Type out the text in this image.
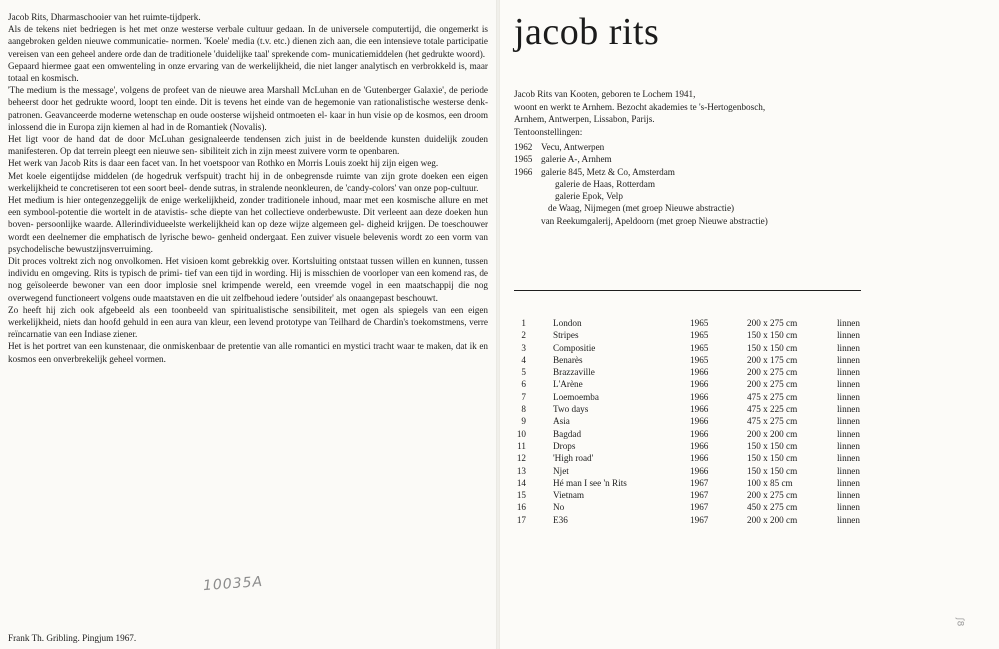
Jacob Rits, Dharmaschooier van het ruimte-tijdperk.

Als de tekens niet bedriegen is het met onze westerse verbale cultuur gedaan. In de universele computertijd, die ongemerkt is aangebroken gelden nieuwe communicatie- normen. 'Koele' media (t.v. etc.) dienen zich aan, die een intensieve totale participatie vereisen van een geheel andere orde dan de traditionele 'duidelijke taal' sprekende com- municatiemiddelen (het gedrukte woord).

Gepaard hiermee gaat een omwenteling in onze ervaring van de werkelijkheid, die niet langer analytisch en verbrokkeld is, maar totaal en kosmisch.

'The medium is the message', volgens de profeet van de nieuwe area Marshall McLuhan en de 'Gutenberger Galaxie', de periode beheerst door het gedrukte woord, loopt ten einde. Dit is tevens het einde van de hegemonie van rationalistische westerse denk- patronen. Geavanceerde moderne wetenschap en oude oosterse wijsheid ontmoeten el- kaar in hun visie op de kosmos, een droom inlossend die in Europa zijn kiemen al had in de Romantiek (Novalis).

Het ligt voor de hand dat de door McLuhan gesignaleerde tendensen zich juist in de beeldende kunsten duidelijk zouden manifesteren. Op dat terrein pleegt een nieuwe sen- sibiliteit zich in zijn meest zuivere vorm te openbaren.

Het werk van Jacob Rits is daar een facet van. In het voetspoor van Rothko en Morris Louis zoekt hij zijn eigen weg.

Met koele eigentijdse middelen (de hogedruk verfspuit) tracht hij in de onbegrensde ruimte van zijn grote doeken een eigen werkelijkheid te concretiseren tot een soort beel- dende sutras, in stralende neonkleuren, de 'candy-colors' van onze pop-cultuur.

Het medium is hier ontegenzeggelijk de enige werkelijkheid, zonder traditionele inhoud, maar met een kosmische allure en met een symbool-potentie die wortelt in de atavistis- sche diepte van het collectieve onderbewuste. Dit verleent aan deze doeken hun boven- persoonlijke waarde. Allerindividueelste werkelijkheid kan op deze wijze algemeen gel- digheid krijgen. De toeschouwer wordt een deelnemer die emphatisch de lyrische bewo- genheid ondergaat. Een zuiver visuele belevenis wordt zo een vorm van psychodelische bewustzijnsverruiming.

Dit proces voltrekt zich nog onvolkomen. Het visioen komt gebrekkig over. Kortsluiting ontstaat tussen willen en kunnen, tussen individu en omgeving. Rits is typisch de primi- tief van een tijd in wording. Hij is misschien de voorloper van een komend ras, de nog geïsoleerde bewoner van een door implosie snel krimpende wereld, een vreemde vogel in een maatschappij die nog overwegend functioneert volgens oude maatstaven en die uit zelfbehoud iedere 'outsider' als onaangepast beschouwt.

Zo heeft hij zich ook afgebeeld als een toonbeeld van spiritualistische sensibiliteit, met ogen als spiegels van een eigen werkelijkheid, niets dan hoofd gehuld in een aura van kleur, een levend prototype van Teilhard de Chardin's toekomstmens, verre reïncarnatie van een Indiase ziener.

Het is het portret van een kunstenaar, die onmiskenbaar de pretentie van alle romantici en mystici tracht waar te maken, dat ik en kosmos een onverbrekelijk geheel vormen.

10035A
Frank Th. Gribling. Pingjum 1967.
jacob rits
Jacob Rits van Kooten, geboren te Lochem 1941,
woont en werkt te Arnhem. Bezocht akademies te 's-Hertogenbosch,
Arnhem, Antwerpen, Lissabon, Parijs.
Tentoonstellingen:
1962 Vecu, Antwerpen
1965 galerie A-, Arnhem
1966 galerie 845, Metz & Co, Amsterdam
galerie de Haas, Rotterdam
galerie Epok, Velp
de Waag, Nijmegen (met groep Nieuwe abstractie)
van Reekumgalerij, Apeldoorn (met groep Nieuwe abstractie)
1	London	1965	200 x 275 cm	linnen
2	Stripes	1965	150 x 150 cm	linnen
3	Compositie	1965	150 x 150 cm	linnen
4	Benarès	1965	200 x 175 cm	linnen
5	Brazzaville	1966	200 x 275 cm	linnen
6	L'Arène	1966	200 x 275 cm	linnen
7	Loemoemba	1966	475 x 275 cm	linnen
8	Two days	1966	475 x 225 cm	linnen
9	Asia	1966	475 x 275 cm	linnen
10	Bagdad	1966	200 x 200 cm	linnen
11	Drops	1966	150 x 150 cm	linnen
12	'High road'	1966	150 x 150 cm	linnen
13	Njet	1966	150 x 150 cm	linnen
14	Hé man I see 'n Rits	1967	100 x 85 cm	linnen
15	Vietnam	1967	200 x 275 cm	linnen
16	No	1967	450 x 275 cm	linnen
17	E36	1967	200 x 200 cm	linnen
ʃ8
